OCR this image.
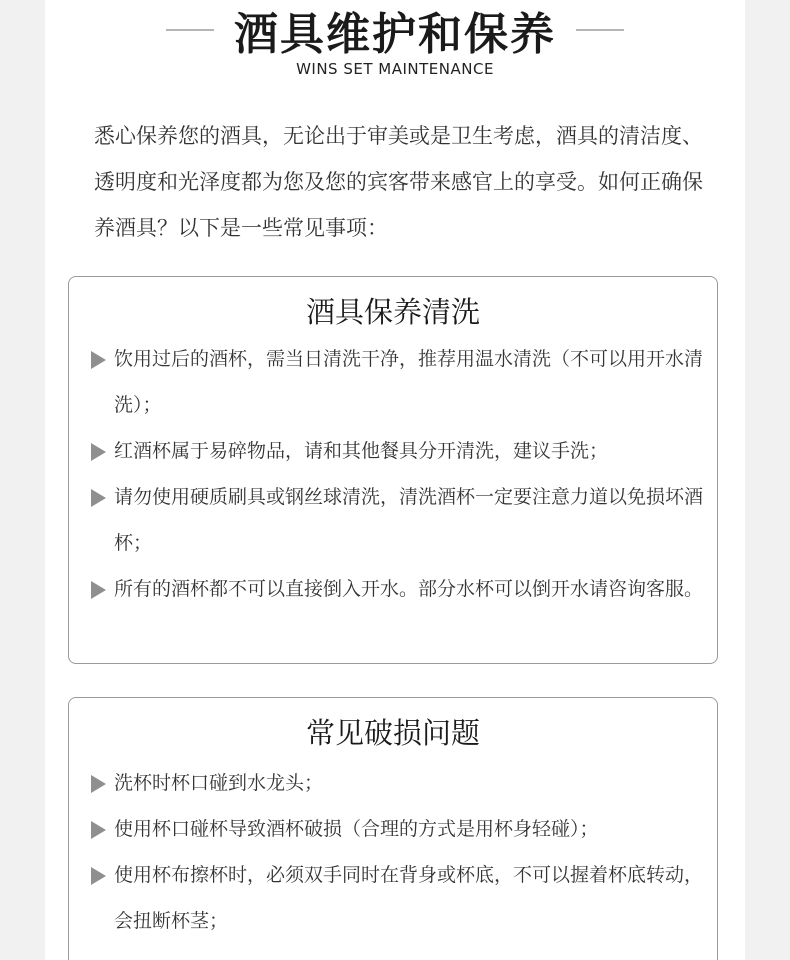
酒具维护和保养
WINS SET MAINTENANCE

悉心保养您的酒具，无论出于审美或是卫生考虑，酒具的清洁度、透明度和光泽度都为您及您的宾客带来感官上的享受。如何正确保养酒具？以下是一些常见事项：

酒具保养清洗
饮用过后的酒杯，需当日清洗干净，推荐用温水清洗（不可以用开水清洗）；
红酒杯属于易碎物品，请和其他餐具分开清洗，建议手洗；
请勿使用硬质刷具或钢丝球清洗，清洗酒杯一定要注意力道以免损坏酒杯；
所有的酒杯都不可以直接倒入开水。部分水杯可以倒开水请咨询客服。
常见破损问题
洗杯时杯口碰到水龙头；
使用杯口碰杯导致酒杯破损（合理的方式是用杯身轻碰）；
使用杯布擦杯时，必须双手同时在背身或杯底，不可以握着杯底转动，会扭断杯茎；
